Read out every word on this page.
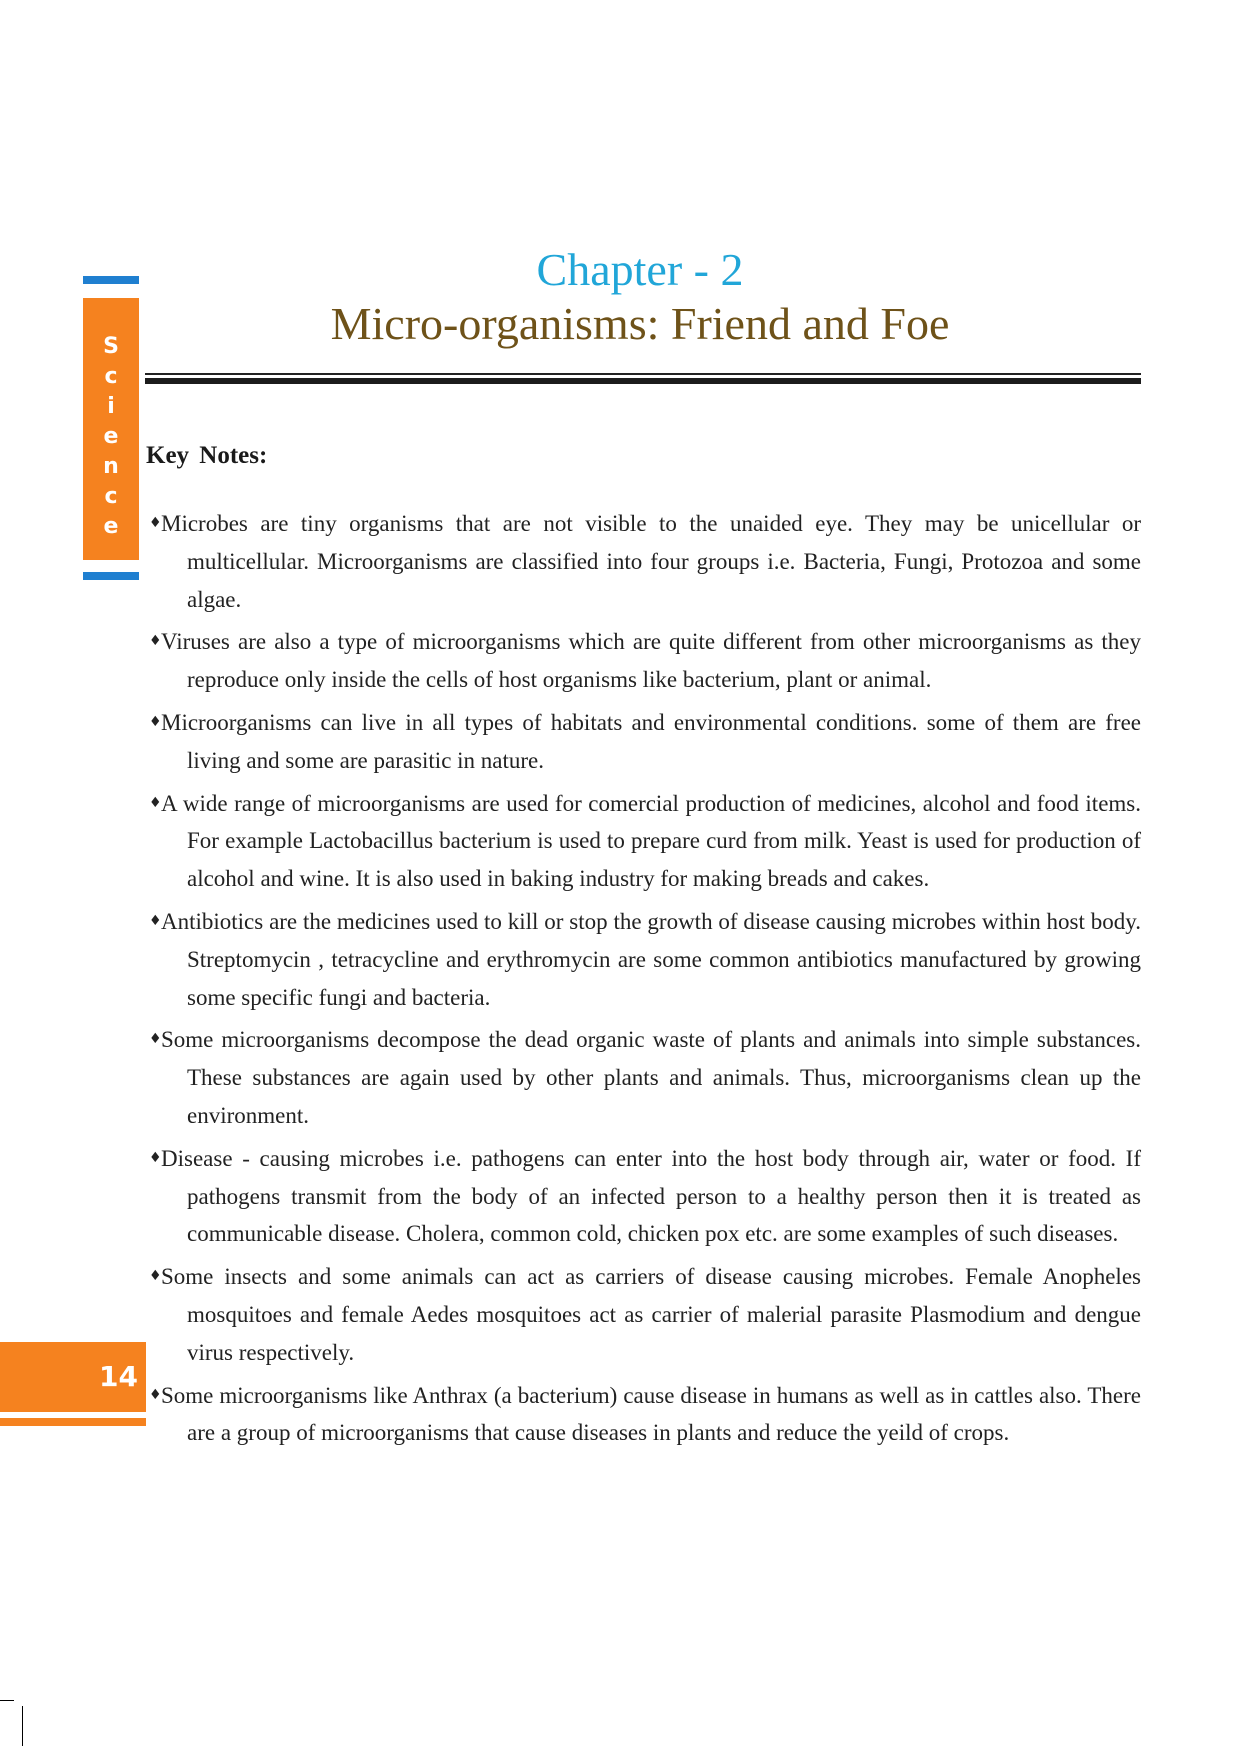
S
c
i
e
n
c
e
Chapter - 2
Micro-organisms: Friend and Foe
Key Notes:
♦ Microbes are tiny organisms that are not visible to the unaided eye. They may be unicellular or multicellular. Microorganisms are classified into four groups i.e. Bacteria, Fungi, Protozoa and some algae.
♦ Viruses are also a type of microorganisms which are quite different from other microorganisms as they reproduce only inside the cells of host organisms like bacterium, plant or animal.
♦ Microorganisms can live in all types of habitats and environmental conditions. some of them are free living and some are parasitic in nature.
♦ A wide range of microorganisms are used for comercial production of medicines, alcohol and food items. For example Lactobacillus bacterium is used to prepare curd from milk. Yeast is used for production of alcohol and wine. It is also used in baking industry for making breads and cakes.
♦ Antibiotics are the medicines used to kill or stop the growth of disease causing microbes within host body. Streptomycin , tetracycline and erythromycin are some common antibiotics manufactured by growing some specific fungi and bacteria.
♦ Some microorganisms decompose the dead organic waste of plants and animals into simple substances. These substances are again used by other plants and animals. Thus, microorganisms clean up the environment.
♦ Disease - causing microbes i.e. pathogens can enter into the host body through air, water or food. If pathogens transmit from the body of an infected person to a healthy person then it is treated as communicable disease. Cholera, common cold, chicken pox etc. are some examples of such diseases.
♦ Some insects and some animals can act as carriers of disease causing microbes. Female Anopheles mosquitoes and female Aedes mosquitoes act as carrier of malerial parasite Plasmodium and dengue virus respectively.
♦ Some microorganisms like Anthrax (a bacterium) cause disease in humans as well as in cattles also. There are a group of microorganisms that cause diseases in plants and reduce the yeild of crops.
14
